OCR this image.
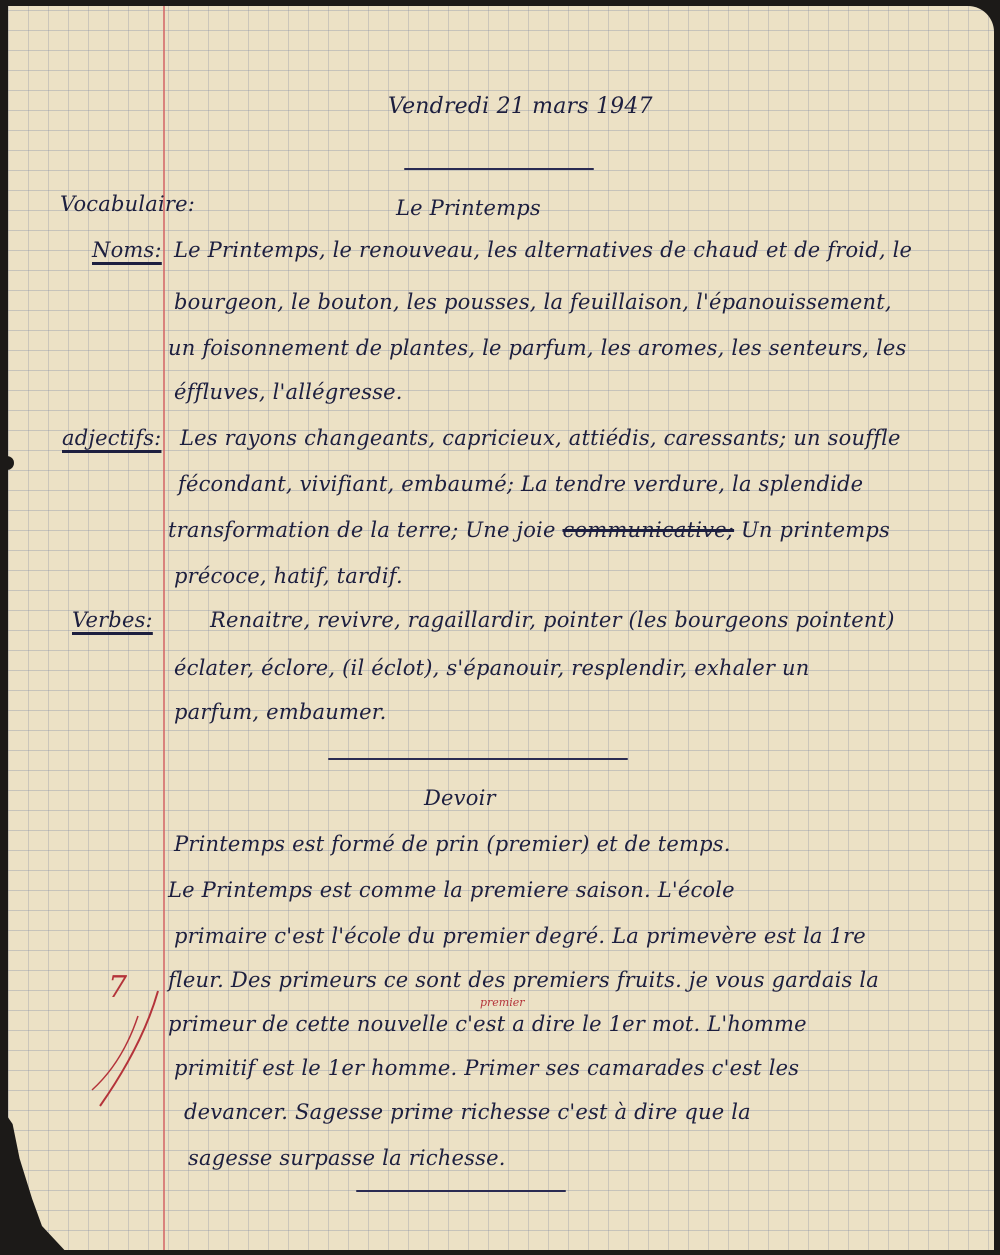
Vendredi 21 mars 1947
Vocabulaire:	Le Printemps
Noms: Le Printemps, le renouveau, les alternatives de chaud et de froid, le
bourgeon, le bouton, les pousses, la feuillaison, l'épanouissement,
un foisonnement de plantes, le parfum, les aromes, les senteurs, les
éffluves, l'allégresse.
adjectifs: Les rayons changeants, capricieux, attiédis, caressants; un souffle
fécondant, vivifiant, embaumé; La tendre verdure, la splendide
transformation de la terre; Une joie communicative; Un printemps
précoce, hatif, tardif.
Verbes:	Renaitre, revivre, ragaillardir, pointer (les bourgeons pointent)
éclater, éclore, (il éclot), s'épanouir, resplendir, exhaler un
parfum, embaumer.
Devoir
Printemps est formé de prin (premier) et de temps.
Le Printemps est comme la premiere saison. L'école
primaire c'est l'école du premier degré. La primevère est la 1re
fleur. Des primeurs ce sont des premiers fruits. je vous gardais la
primeur de cette nouvelle c'est a dire le 1er mot. L'homme
premier
primitif est le 1er homme. Primer ses camarades c'est les
devancer. Sagesse prime richesse c'est à dire que la
sagesse surpasse la richesse.
7
